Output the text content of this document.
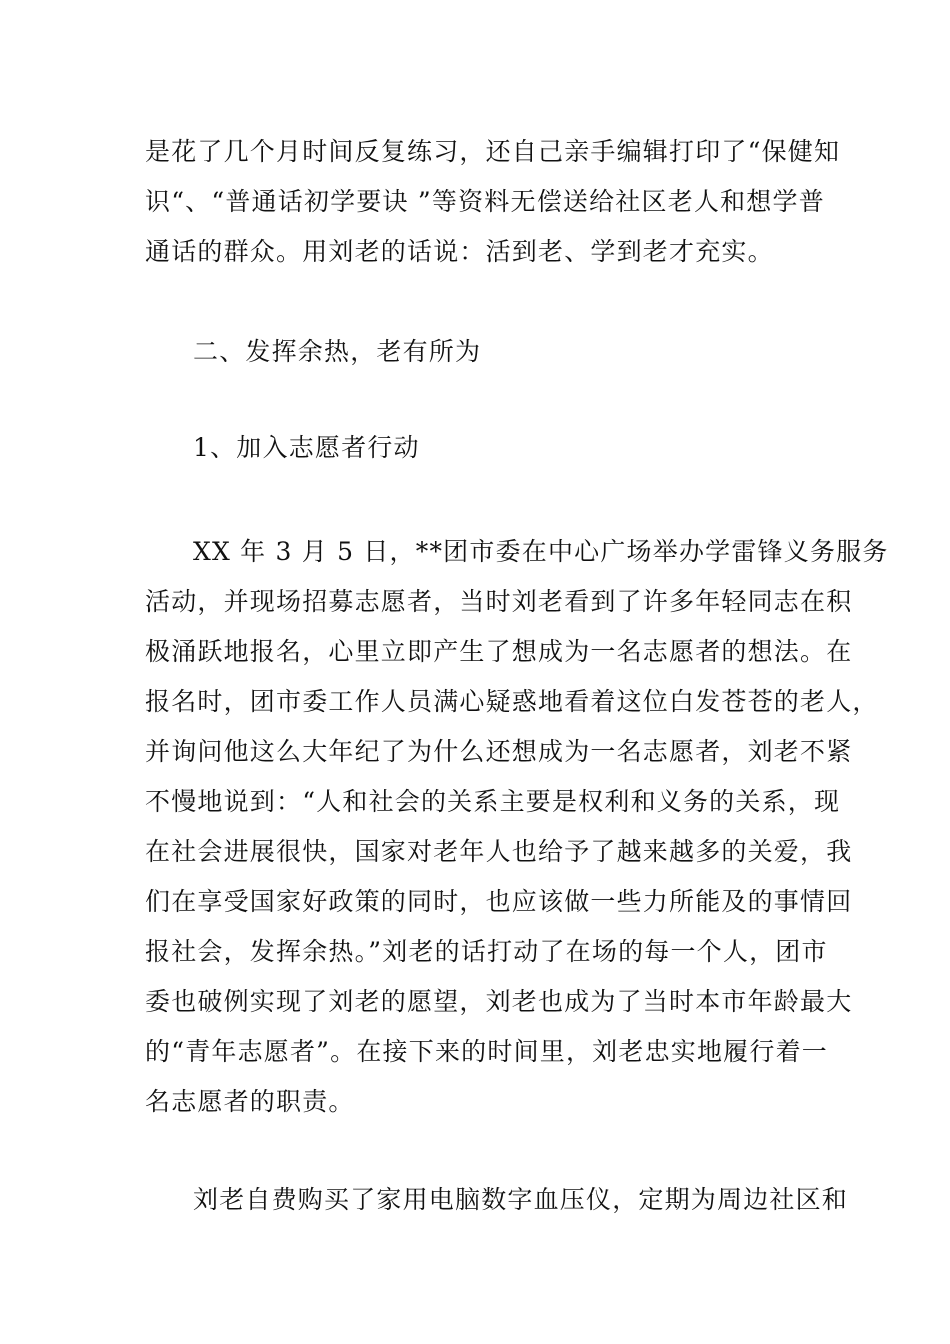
是花了几个月时间反复练习，还自己亲手编辑打印了“保健知
识“、“普通话初学要诀 ”等资料无偿送给社区老人和想学普
通话的群众。用刘老的话说：活到老、学到老才充实。
二、发挥余热，老有所为
1、加入志愿者行动
XX 年 3 月 5 日，**团市委在中心广场举办学雷锋义务服务
活动，并现场招募志愿者，当时刘老看到了许多年轻同志在积
极涌跃地报名，心里立即产生了想成为一名志愿者的想法。在
报名时，团市委工作人员满心疑惑地看着这位白发苍苍的老人，
并询问他这么大年纪了为什么还想成为一名志愿者，刘老不紧
不慢地说到：“人和社会的关系主要是权利和义务的关系，现
在社会进展很快，国家对老年人也给予了越来越多的关爱，我
们在享受国家好政策的同时，也应该做一些力所能及的事情回
报社会，发挥余热。”刘老的话打动了在场的每一个人，团市
委也破例实现了刘老的愿望，刘老也成为了当时本市年龄最大
的“青年志愿者”。在接下来的时间里，刘老忠实地履行着一
名志愿者的职责。
刘老自费购买了家用电脑数字血压仪，定期为周边社区和
